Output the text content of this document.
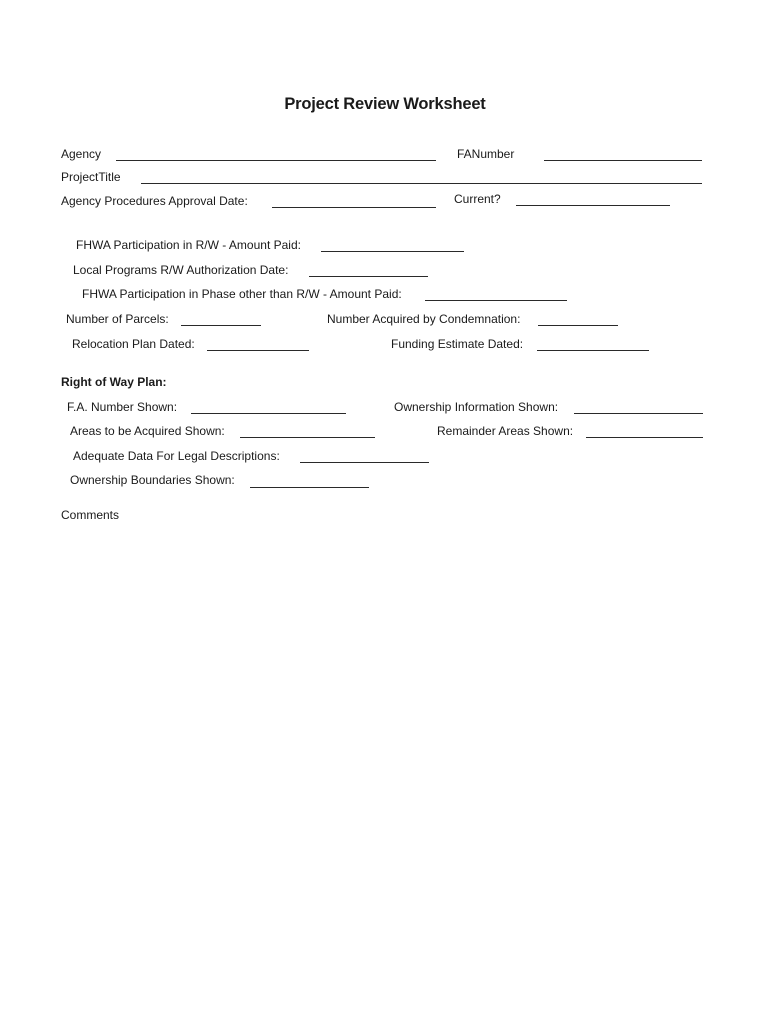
Project Review Worksheet
Agency	FANumber
ProjectTitle
Agency Procedures Approval Date:	Current?
FHWA Participation in R/W - Amount Paid:
Local Programs R/W Authorization Date:
FHWA Participation in Phase other than R/W - Amount Paid:
Number of Parcels:	Number Acquired by Condemnation:
Relocation Plan Dated:	Funding Estimate Dated:
Right of Way Plan:
F.A. Number Shown:	Ownership Information Shown:
Areas to be Acquired Shown:	Remainder Areas Shown:
Adequate Data For Legal Descriptions:
Ownership Boundaries Shown:
Comments
